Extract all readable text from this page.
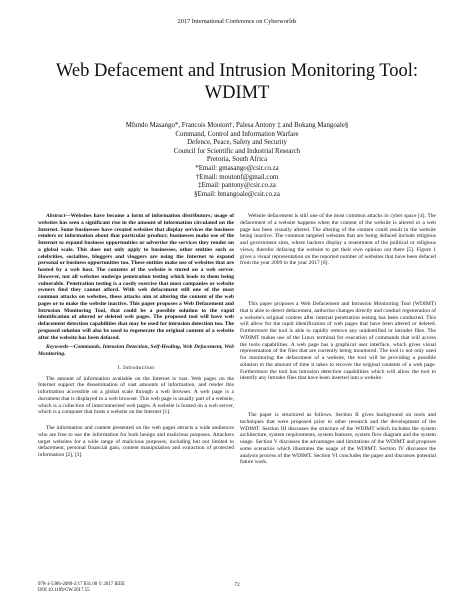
2017 International Conference on Cyberworlds
Web Defacement and Intrusion Monitoring Tool:
WDIMT
Mfundo Masango*, Francois Mouton†, Palesa Antony ‡ and Bokang Mangoale§
Command, Control and Information Warfare
Defence, Peace, Safety and Security
Council for Scientific and Industrial Research
Pretoria, South Africa
*Email: gmasango@csir.co.za
†Email: moutonf@gmail.com
‡Email: pantony@csir.co.za
§Email: bmangoale@csir.co.za

Abstract—Websites have become a form of information distributors; usage of websites has seen a significant rise in the amount of information circulated on the Internet. Some businesses have created websites that display services the business renders or information about that particular product; businesses make use of the Internet to expand business opportunities or advertise the services they render on a global scale. This does not only apply to businesses, other entities such as celebrities, socialites, bloggers and vloggers are using the Internet to expand personal or business opportunities too. These entities make use of websites that are hosted by a web host. The contents of the website is stored on a web server. However, not all websites undergo penetration testing which leads to them being vulnerable. Penetration testing is a costly exercise that most companies or website owners find they cannot afford. With web defacement still one of the most common attacks on websites, these attacks aim at altering the content of the web pages or to make the website inactive. This paper proposes a Web Defacement and Intrusion Monitoring Tool, that could be a possible solution to the rapid identification of altered or deleted web pages. The proposed tool will have web defacement detection capabilities that may be used for intrusion detection too. The proposed solution will also be used to regenerate the original content of a website after the website has been defaced.

Keywords—Commands, Intrusion Detection, Self-Healing, Web Defacement, Web Monitoring.

I. Introduction

The amount of information available on the Internet is vast. Web pages on the Internet support the dissemination of vast amounts of information, and render this information accessible on a global scale through a web browser. A web page is a document that is displayed in a web browser. This web page is usually part of a website, which is a collection of interconnected web pages. A website is hosted on a web server, which is a computer that hosts a website on the Internet [1].

The information and content presented on the web pages attracts a wide audiences who are free to use the information for both benign and malicious purposes. Attackers target websites for a wide range of malicious purposes, including but not limited to defacement, personal financial gain, content manipulation and extraction of protected information [2], [3].

Website defacement is still one of the most common attacks in cyber space [4]. The defacement of a website happens when the content of the website is altered or a web page has been visually altered. The altering of the content could result in the website being inactive. The common targeted websites that are being defaced include religious and government sites, where hackers display a resentment of the political or religious views, therefor defacing the website to get their own opinion out there [5]. Figure 1 gives a visual representation on the reported number of websites that have been defaced from the year 2009 to the year 2017 [6].

This paper proposes a Web Defacement and Intrusion Monitoring Tool (WDIMT) that is able to detect defacement, authorize changes directly and conduct regeneration of a website's original content after internal penetration testing has been conducted. This will allow for the rapid identification of web pages that have been altered or deleted. Furthermore the tool is able to rapidly remove any unidentified or intruder files. The WDIMT makes use of the Linux terminal for execution of commands that will access the tools capabilities. A web page has a graphical user interface, which gives visual representation of the files that are currently being monitored. The tool is not only used for monitoring the defacement of a website, the tool will be providing a possible solution to the amount of time it takes to recover the original contents of a web page. Furthermore the tool has intrusion detection capabilities which will allow the tool to identify any intruder files that have been inserted into a website.

The paper is structured as follows. Section II gives background on tools and techniques that were proposed prior to other research and the development of the WDIMT. Section III discusses the structure of the WDIMT which includes the system architecture, system requirements, system features, system flow diagram and the system usage. Section V discusses the advantages and limitations of the WDIMT and proposes some scenarios which illustrates the usage of the WDIMT. Section IV discusses the analysis process of the WDIMT. Section VI concludes the paper and discusses potential future work.

978-1-5386-2089-2/17 $31.00 © 2017 IEEE
DOI 10.1109/CW.2017.55
72
